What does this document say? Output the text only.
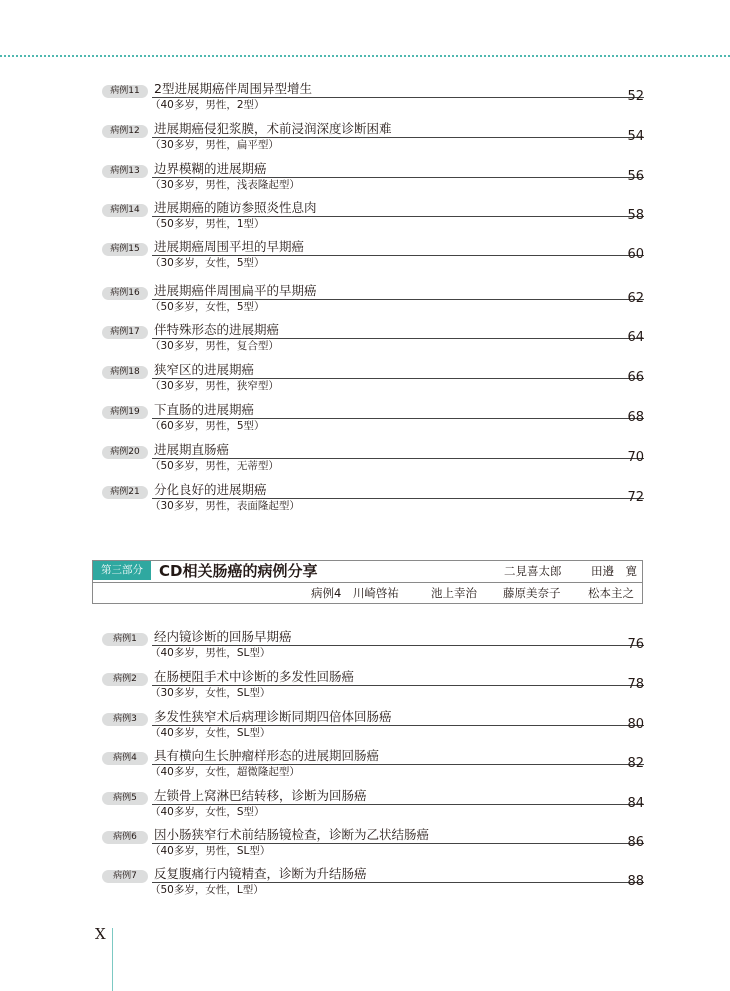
病例11	2型进展期癌伴周围异型增生
（40多岁，男性，2型）
52
病例12	进展期癌侵犯浆膜，术前浸润深度诊断困难
（30多岁，男性，扁平型）
54
病例13	边界模糊的进展期癌
（30多岁，男性，浅表隆起型）
56
病例14	进展期癌的随访参照炎性息肉
（50多岁，男性，1型）
58
病例15	进展期癌周围平坦的早期癌
（30多岁，女性，5型）
60
病例16	进展期癌伴周围扁平的早期癌
（50多岁，女性，5型）
62
病例17	伴特殊形态的进展期癌
（30多岁，男性，复合型）
64
病例18	狭窄区的进展期癌
（30多岁，男性，狭窄型）
66
病例19	下直肠的进展期癌
（60多岁，男性，5型）
68
病例20	进展期直肠癌
（50多岁，男性，无蒂型）
70
病例21	分化良好的进展期癌
（30多岁，男性，表面隆起型）
72
第三部分	CD相关肠癌的病例分享	二見喜太郎	田邉　寛
病例4　川崎啓祐	池上幸治 藤原美奈子 松本主之
病例1	经内镜诊断的回肠早期癌
（40多岁，男性，SL型）
76
病例2	在肠梗阻手术中诊断的多发性回肠癌
（30多岁，女性，SL型）
78
病例3	多发性狭窄术后病理诊断同期四倍体回肠癌
（40多岁，女性，SL型）
80
病例4	具有横向生长肿瘤样形态的进展期回肠癌
（40多岁，女性，超微隆起型）
82
病例5	左锁骨上窝淋巴结转移，诊断为回肠癌
（40多岁，女性，S型）
84
病例6	因小肠狭窄行术前结肠镜检查，诊断为乙状结肠癌
（40多岁，男性，SL型）
86
病例7	反复腹痛行内镜精查，诊断为升结肠癌
（50多岁，女性，L型）
88
X
